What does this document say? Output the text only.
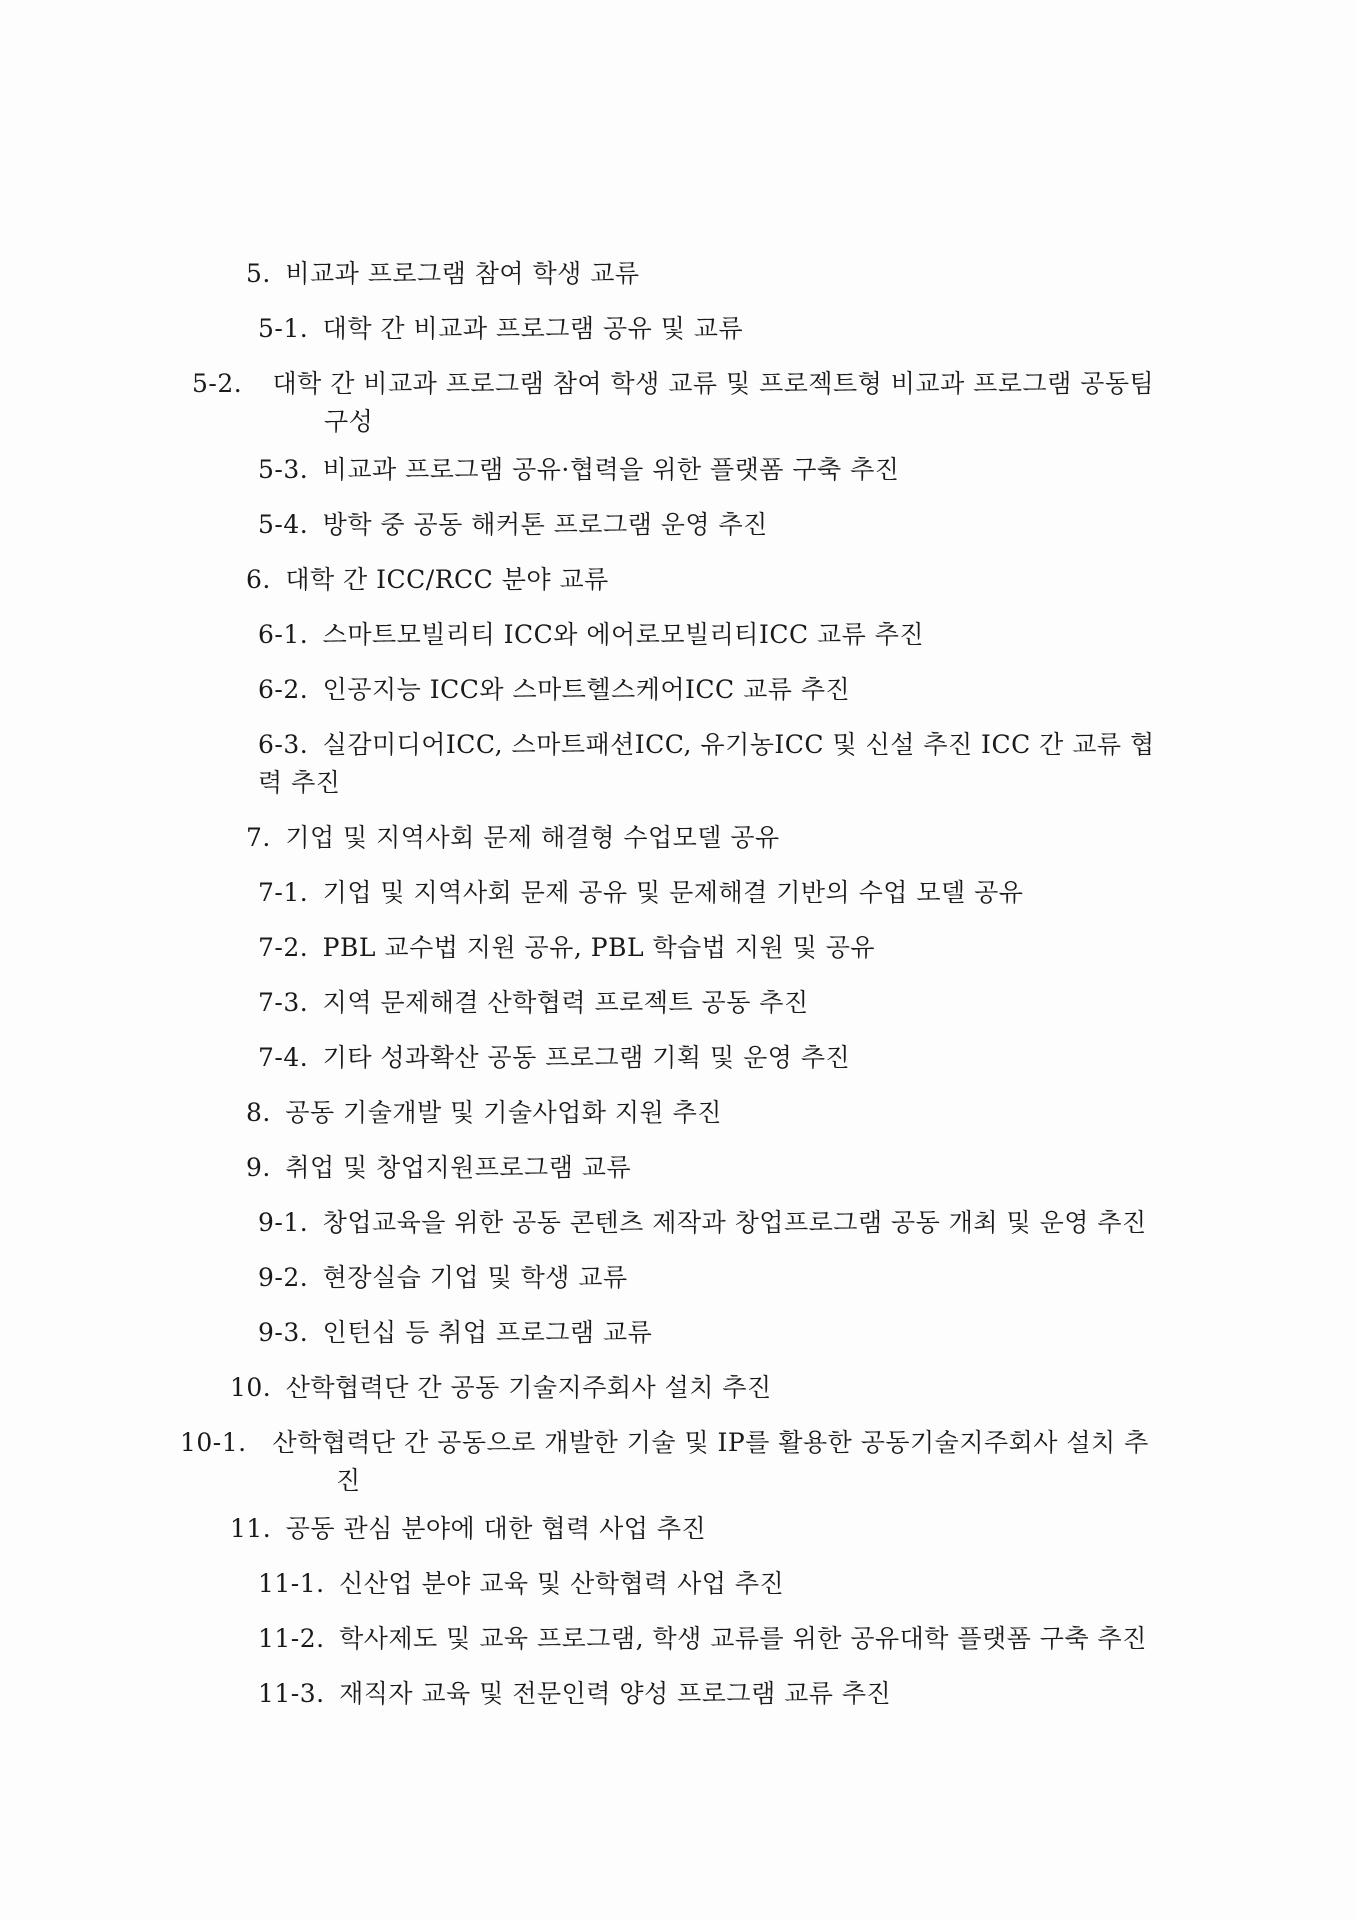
5. 비교과 프로그램 참여 학생 교류
5-1. 대학 간 비교과 프로그램 공유 및 교류
5-2. 대학 간 비교과 프로그램 참여 학생 교류 및 프로젝트형 비교과 프로그램 공동팀 구성
5-3. 비교과 프로그램 공유·협력을 위한 플랫폼 구축 추진
5-4. 방학 중 공동 해커톤 프로그램 운영 추진
6. 대학 간 ICC/RCC 분야 교류
6-1. 스마트모빌리티 ICC와 에어로모빌리티ICC 교류 추진
6-2. 인공지능 ICC와 스마트헬스케어ICC 교류 추진
6-3. 실감미디어ICC, 스마트패션ICC, 유기농ICC 및 신설 추진 ICC 간 교류 협력 추진
7. 기업 및 지역사회 문제 해결형 수업모델 공유
7-1. 기업 및 지역사회 문제 공유 및 문제해결 기반의 수업 모델 공유
7-2. PBL 교수법 지원 공유, PBL 학습법 지원 및 공유
7-3. 지역 문제해결 산학협력 프로젝트 공동 추진
7-4. 기타 성과확산 공동 프로그램 기획 및 운영 추진
8. 공동 기술개발 및 기술사업화 지원 추진
9. 취업 및 창업지원프로그램 교류
9-1. 창업교육을 위한 공동 콘텐츠 제작과 창업프로그램 공동 개최 및 운영 추진
9-2. 현장실습 기업 및 학생 교류
9-3. 인턴십 등 취업 프로그램 교류
10. 산학협력단 간 공동 기술지주회사 설치 추진
10-1. 산학협력단 간 공동으로 개발한 기술 및 IP를 활용한 공동기술지주회사 설치 추진
11. 공동 관심 분야에 대한 협력 사업 추진
11-1. 신산업 분야 교육 및 산학협력 사업 추진
11-2. 학사제도 및 교육 프로그램, 학생 교류를 위한 공유대학 플랫폼 구축 추진
11-3. 재직자 교육 및 전문인력 양성 프로그램 교류 추진
